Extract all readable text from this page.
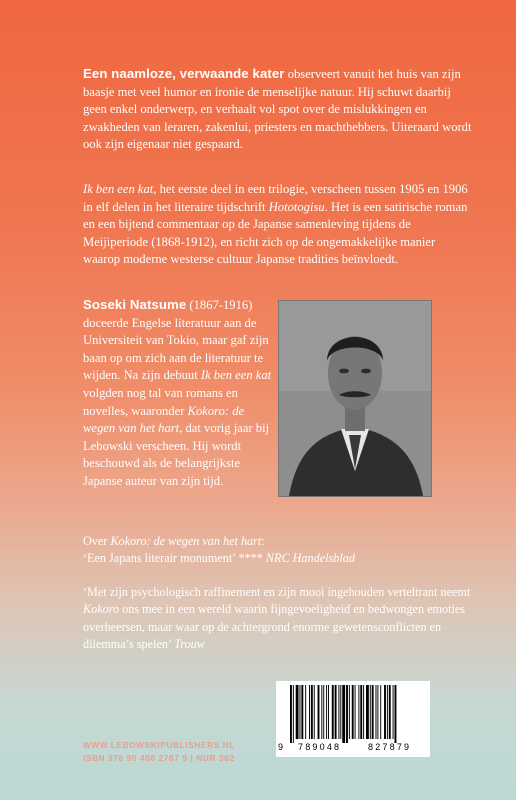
Een naamloze, verwaande kater observeert vanuit het huis van zijn baasje met veel humor en ironie de menselijke natuur. Hij schuwt daarbij geen enkel onderwerp, en verhaalt vol spot over de mislukkingen en zwakheden van leraren, zakenlui, priesters en machthebbers. Uiteraard wordt ook zijn eigenaar niet gespaard.

Ik ben een kat, het eerste deel in een trilogie, verscheen tussen 1905 en 1906 in elf delen in het literaire tijdschrift Hototogisu. Het is een satirische roman en een bijtend commentaar op de Japanse samenleving tijdens de Meijiperiode (1868-1912), en richt zich op de ongemakkelijke manier waarop moderne westerse cultuur Japanse tradities beïnvloedt.

Soseki Natsume (1867-1916) doceerde Engelse literatuur aan de Universiteit van Tokio, maar gaf zijn baan op om zich aan de literatuur te wijden. Na zijn debuut Ik ben een kat volgden nog tal van romans en novelles, waaronder Kokoro: de wegen van het hart, dat vorig jaar bij Lebowski verscheen. Hij wordt beschouwd als de belangrijkste Japanse auteur van zijn tijd.

Over Kokoro: de wegen van het hart:
‘Een Japans literair monument’ **** NRC Handelsblad

‘Met zijn psychologisch raffinement en zijn mooi ingehouden verteltrant neemt Kokoro ons mee in een wereld waarin fijngevoeligheid en bedwongen emoties overheersen, maar waar op de achtergrond enorme gewetensconflicten en dilemma’s spelen’ Trouw

9 789048	827879
WWW.LEBOWSKIPUBLISHERS.NL
ISBN 978 90 488 2787 9 | NUR 302
